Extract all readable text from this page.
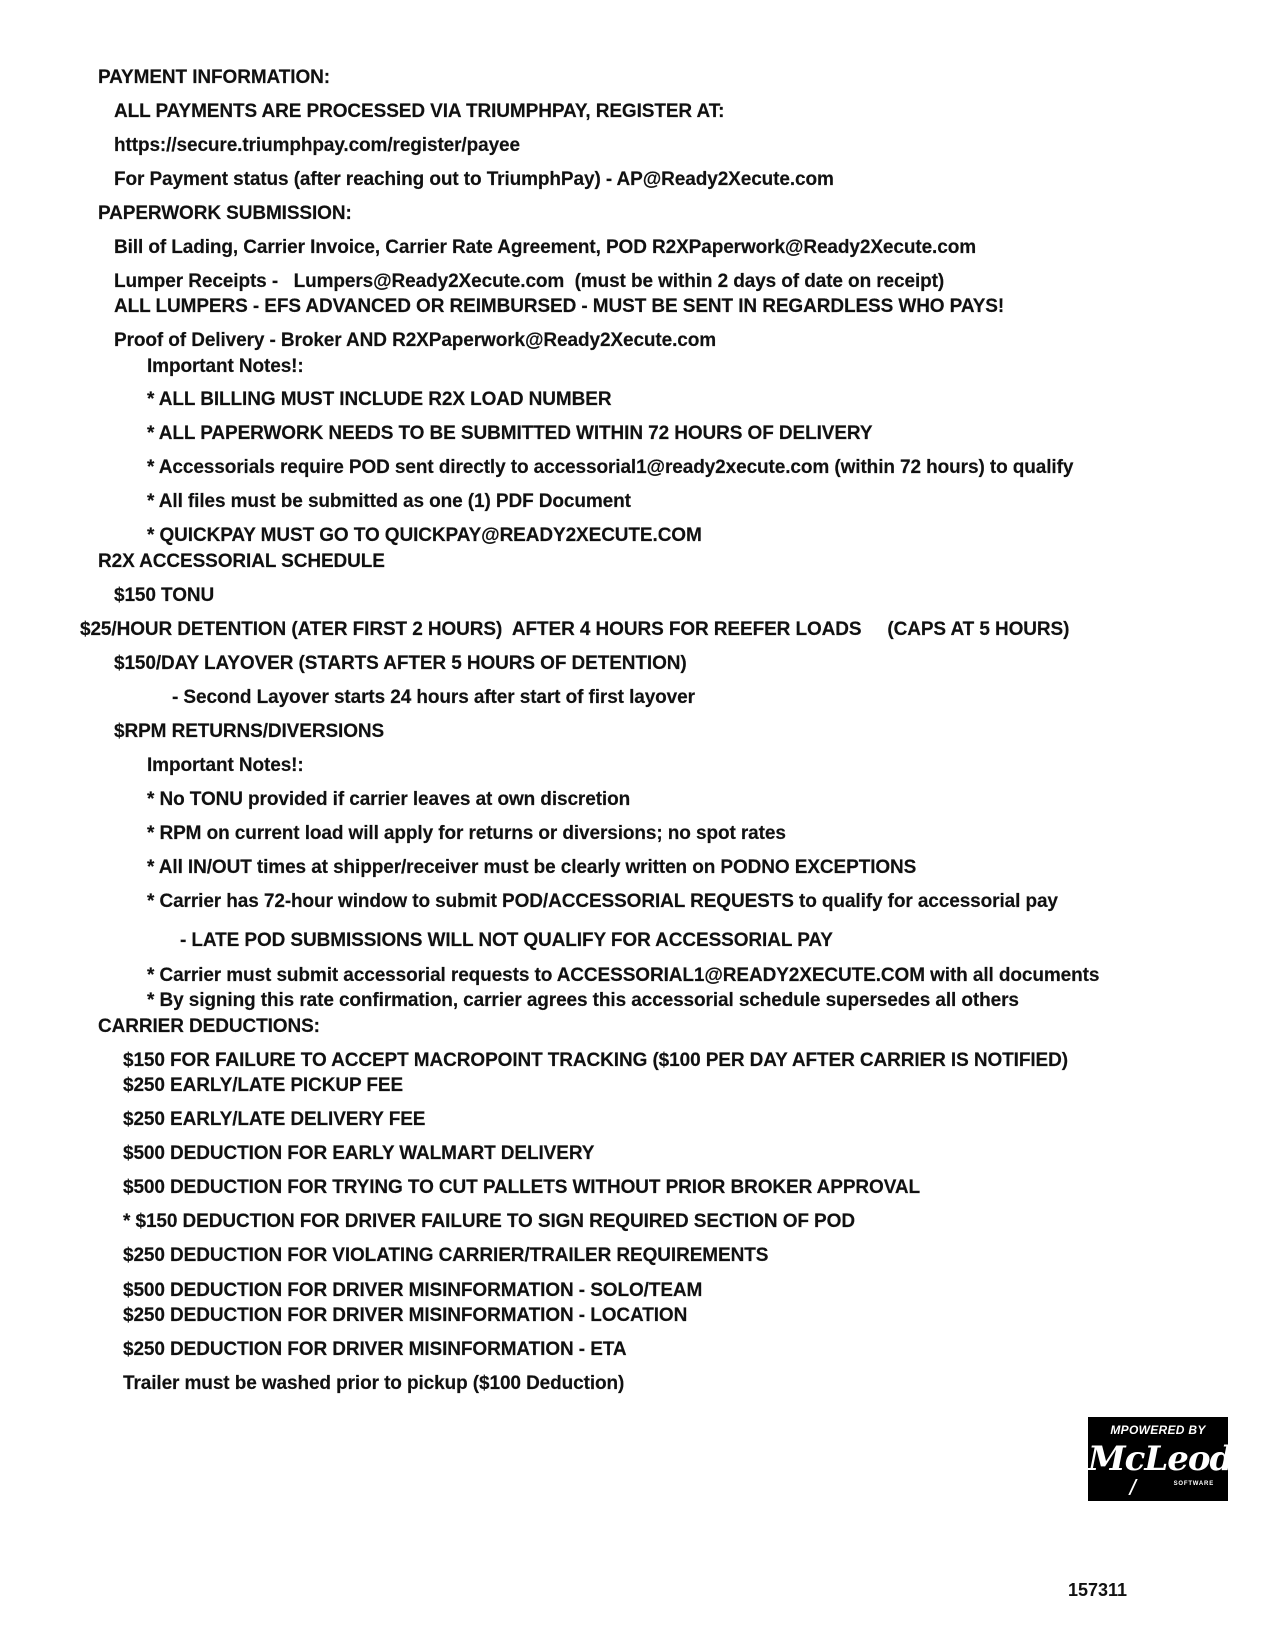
PAYMENT INFORMATION:
ALL PAYMENTS ARE PROCESSED VIA TRIUMPHPAY, REGISTER AT:
https://secure.triumphpay.com/register/payee
For Payment status (after reaching out to TriumphPay) - AP@Ready2Xecute.com
PAPERWORK SUBMISSION:
Bill of Lading, Carrier Invoice, Carrier Rate Agreement, POD R2XPaperwork@Ready2Xecute.com
Lumper Receipts -   Lumpers@Ready2Xecute.com  (must be within 2 days of date on receipt)
ALL LUMPERS - EFS ADVANCED OR REIMBURSED - MUST BE SENT IN REGARDLESS WHO PAYS!
Proof of Delivery - Broker AND R2XPaperwork@Ready2Xecute.com
Important Notes!:
* ALL BILLING MUST INCLUDE R2X LOAD NUMBER
* ALL PAPERWORK NEEDS TO BE SUBMITTED WITHIN 72 HOURS OF DELIVERY
* Accessorials require POD sent directly to accessorial1@ready2xecute.com (within 72 hours) to qualify
* All files must be submitted as one (1) PDF Document
* QUICKPAY MUST GO TO QUICKPAY@READY2XECUTE.COM
R2X ACCESSORIAL SCHEDULE
$150 TONU
$25/HOUR DETENTION (ATER FIRST 2 HOURS)  AFTER 4 HOURS FOR REEFER LOADS     (CAPS AT 5 HOURS)
$150/DAY LAYOVER (STARTS AFTER 5 HOURS OF DETENTION)
- Second Layover starts 24 hours after start of first layover
$RPM RETURNS/DIVERSIONS
Important Notes!:
* No TONU provided if carrier leaves at own discretion
* RPM on current load will apply for returns or diversions; no spot rates
* All IN/OUT times at shipper/receiver must be clearly written on PODNO EXCEPTIONS
* Carrier has 72-hour window to submit POD/ACCESSORIAL REQUESTS to qualify for accessorial pay
- LATE POD SUBMISSIONS WILL NOT QUALIFY FOR ACCESSORIAL PAY
* Carrier must submit accessorial requests to ACCESSORIAL1@READY2XECUTE.COM with all documents
* By signing this rate confirmation, carrier agrees this accessorial schedule supersedes all others
CARRIER DEDUCTIONS:
$150 FOR FAILURE TO ACCEPT MACROPOINT TRACKING ($100 PER DAY AFTER CARRIER IS NOTIFIED)
$250 EARLY/LATE PICKUP FEE
$250 EARLY/LATE DELIVERY FEE
$500 DEDUCTION FOR EARLY WALMART DELIVERY
$500 DEDUCTION FOR TRYING TO CUT PALLETS WITHOUT PRIOR BROKER APPROVAL
* $150 DEDUCTION FOR DRIVER FAILURE TO SIGN REQUIRED SECTION OF POD
$250 DEDUCTION FOR VIOLATING CARRIER/TRAILER REQUIREMENTS
$500 DEDUCTION FOR DRIVER MISINFORMATION - SOLO/TEAM
$250 DEDUCTION FOR DRIVER MISINFORMATION - LOCATION
$250 DEDUCTION FOR DRIVER MISINFORMATION - ETA
Trailer must be washed prior to pickup ($100 Deduction)
MPOWERED BY
McLeod
SOFTWARE
157311
